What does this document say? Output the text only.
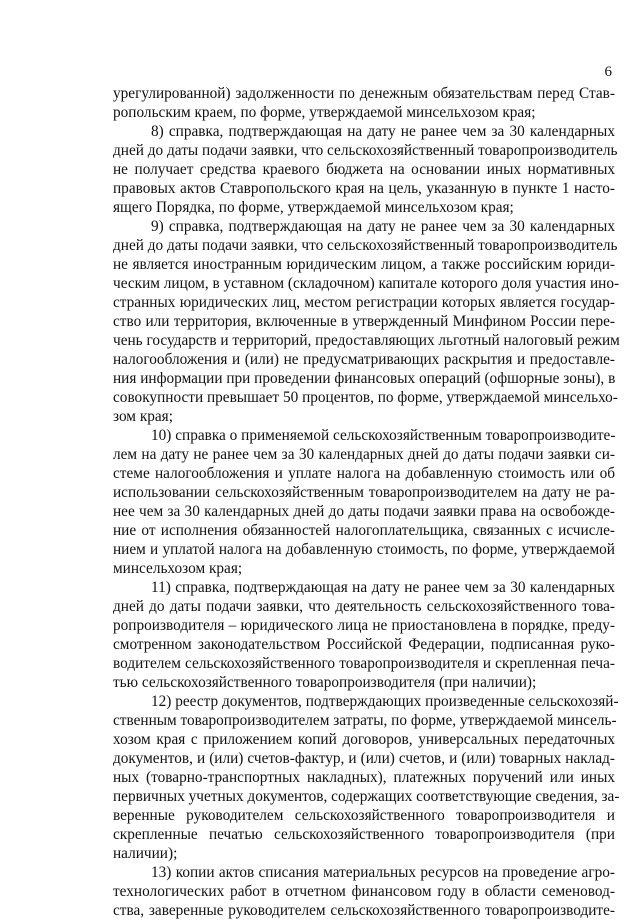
6
урегулированной) задолженности по денежным обязательствам перед Став-
ропольским краем, по форме, утверждаемой минсельхозом края;
8) справка, подтверждающая на дату не ранее чем за 30 календарных
дней до даты подачи заявки, что сельскохозяйственный товаропроизводитель
не получает средства краевого бюджета на основании иных нормативных
правовых актов Ставропольского края на цель, указанную в пункте 1 насто-
ящего Порядка, по форме, утверждаемой минсельхозом края;
9) справка, подтверждающая на дату не ранее чем за 30 календарных
дней до даты подачи заявки, что сельскохозяйственный товаропроизводитель
не является иностранным юридическим лицом, а также российским юриди-
ческим лицом, в уставном (складочном) капитале которого доля участия ино-
странных юридических лиц, местом регистрации которых является государ-
ство или территория, включенные в утвержденный Минфином России пере-
чень государств и территорий, предоставляющих льготный налоговый режим
налогообложения и (или) не предусматривающих раскрытия и предоставле-
ния информации при проведении финансовых операций (офшорные зоны), в
совокупности превышает 50 процентов, по форме, утверждаемой минсельхо-
зом края;
10) справка о применяемой сельскохозяйственным товаропроизводите-
лем на дату не ранее чем за 30 календарных дней до даты подачи заявки си-
стеме налогообложения и уплате налога на добавленную стоимость или об
использовании сельскохозяйственным товаропроизводителем на дату не ра-
нее чем за 30 календарных дней до даты подачи заявки права на освобожде-
ние от исполнения обязанностей налогоплательщика, связанных с исчисле-
нием и уплатой налога на добавленную стоимость, по форме, утверждаемой
минсельхозом края;
11) справка, подтверждающая на дату не ранее чем за 30 календарных
дней до даты подачи заявки, что деятельность сельскохозяйственного това-
ропроизводителя – юридического лица не приостановлена в порядке, преду-
смотренном законодательством Российской Федерации, подписанная руко-
водителем сельскохозяйственного товаропроизводителя и скрепленная печа-
тью сельскохозяйственного товаропроизводителя (при наличии);
12) реестр документов, подтверждающих произведенные сельскохозяй-
ственным товаропроизводителем затраты, по форме, утверждаемой минсель-
хозом края с приложением копий договоров, универсальных передаточных
документов, и (или) счетов-фактур, и (или) счетов, и (или) товарных наклад-
ных (товарно-транспортных накладных), платежных поручений или иных
первичных учетных документов, содержащих соответствующие сведения, за-
веренные руководителем сельскохозяйственного товаропроизводителя и
скрепленные печатью сельскохозяйственного товаропроизводителя (при
наличии);
13) копии актов списания материальных ресурсов на проведение агро-
технологических работ в отчетном финансовом году в области семеновод-
ства, заверенные руководителем сельскохозяйственного товаропроизводите-
